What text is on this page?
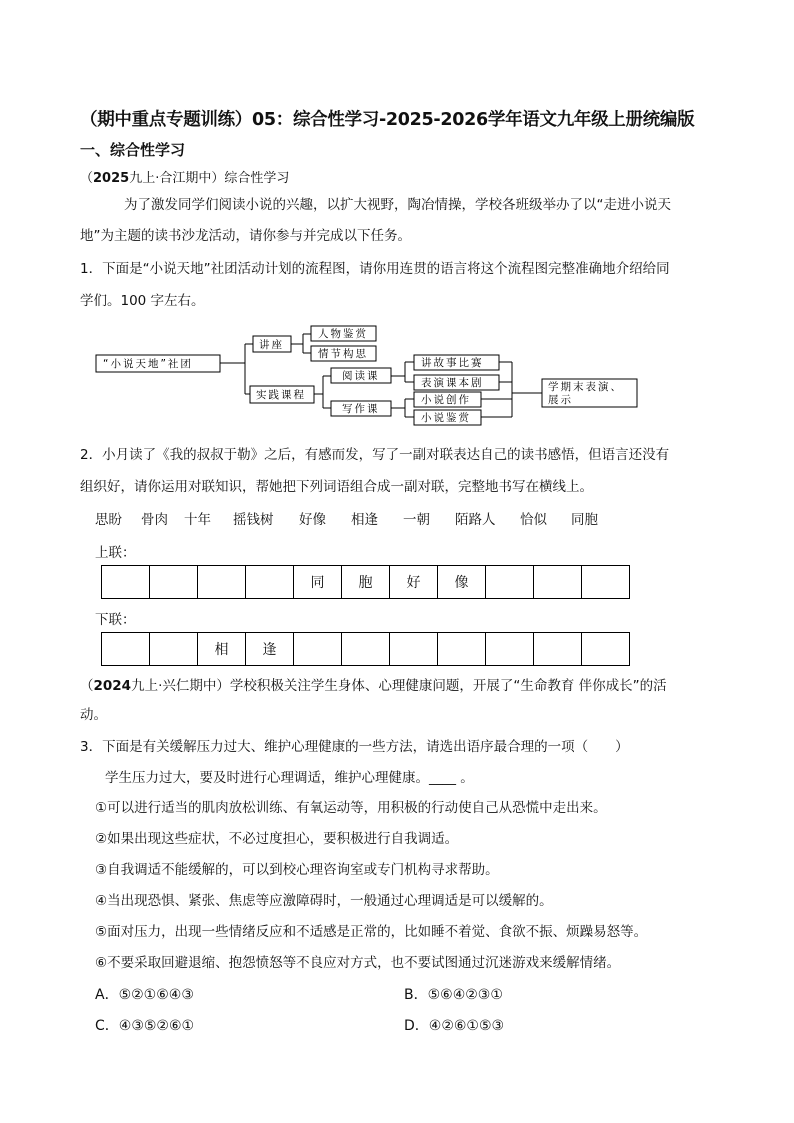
（期中重点专题训练）05：综合性学习-2025-2026学年语文九年级上册统编版
一、综合性学习
（2025九上·合江期中）综合性学习
为了激发同学们阅读小说的兴趣，以扩大视野，陶冶情操，学校各班级举办了以“走进小说天
地”为主题的读书沙龙活动，请你参与并完成以下任务。
1．下面是“小说天地”社团活动计划的流程图，请你用连贯的语言将这个流程图完整准确地介绍给同
学们。100 字左右。
“小说天地”社团
讲座
人物鉴赏
情节构思
实践课程
阅读课
写作课
讲故事比赛
表演课本剧
小说创作
小说鉴赏
学期末表演、
展示
2．小月读了《我的叔叔于勒》之后，有感而发，写了一副对联表达自己的读书感悟，但语言还没有
组织好，请你运用对联知识，帮她把下列词语组合成一副对联，完整地书写在横线上。
思盼 骨肉 十年 摇钱树 好像 相逢 一朝 陌路人 恰似 同胞
上联：
				同	胞	好	像			
下联：
		相	逢							
（2024九上·兴仁期中）学校积极关注学生身体、心理健康问题，开展了“生命教育 伴你成长”的活
动。
3．下面是有关缓解压力过大、维护心理健康的一些方法，请选出语序最合理的一项（　　）
学生压力过大，要及时进行心理调适，维护心理健康。____ 。
①可以进行适当的肌肉放松训练、有氧运动等，用积极的行动使自己从恐慌中走出来。
②如果出现这些症状，不必过度担心，要积极进行自我调适。
③自我调适不能缓解的，可以到校心理咨询室或专门机构寻求帮助。
④当出现恐惧、紧张、焦虑等应激障碍时，一般通过心理调适是可以缓解的。
⑤面对压力，出现一些情绪反应和不适感是正常的，比如睡不着觉、食欲不振、烦躁易怒等。
⑥不要采取回避退缩、抱怨愤怒等不良应对方式，也不要试图通过沉迷游戏来缓解情绪。
A．⑤②①⑥④③	B．⑤⑥④②③①
C．④③⑤②⑥①	D．④②⑥①⑤③
